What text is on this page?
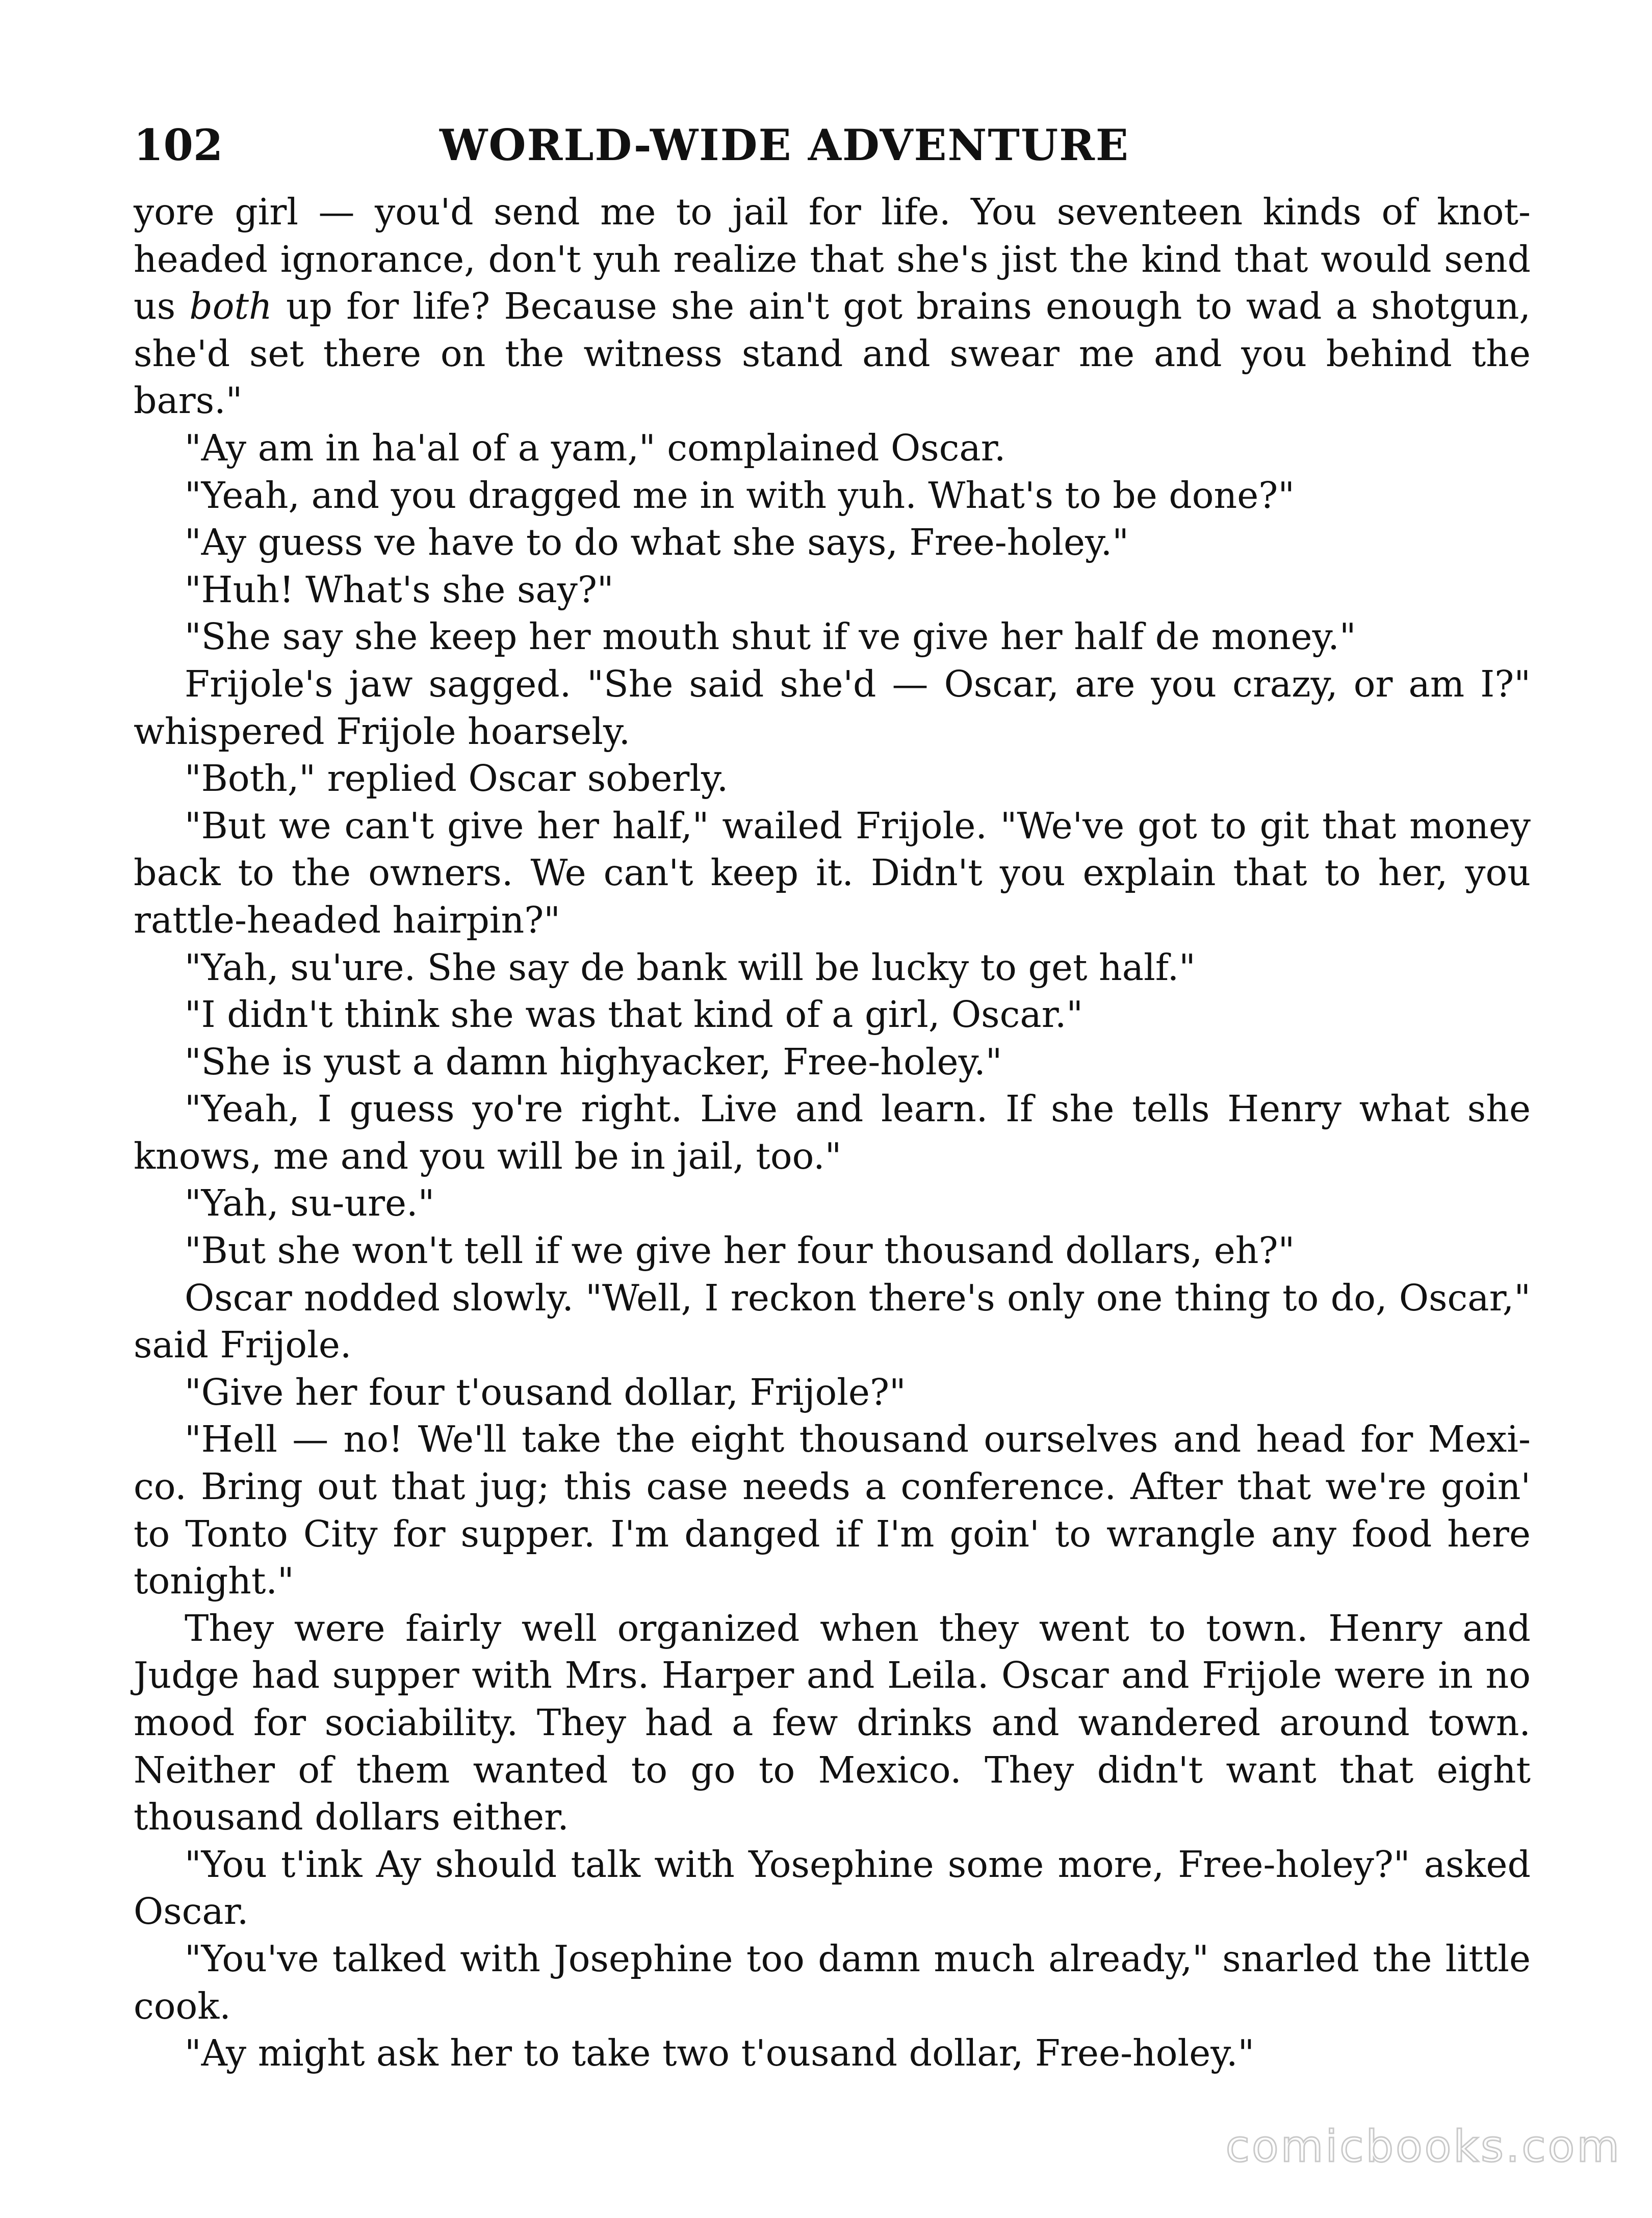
102	WORLD-WIDE ADVENTURE

yore girl — you'd send me to jail for life. You seventeen kinds of knot-headed ignorance, don't yuh realize that she's jist the kind that would send us both up for life? Because she ain't got brains enough to wad a shotgun, she'd set there on the witness stand and swear me and you behind the bars."

"Ay am in ha'al of a yam," complained Oscar.

"Yeah, and you dragged me in with yuh. What's to be done?"

"Ay guess ve have to do what she says, Free-holey."

"Huh! What's she say?"

"She say she keep her mouth shut if ve give her half de money."

Frijole's jaw sagged. "She said she'd — Oscar, are you crazy, or am I?" whispered Frijole hoarsely.

"Both," replied Oscar soberly.

"But we can't give her half," wailed Frijole. "We've got to git that money back to the owners. We can't keep it. Didn't you explain that to her, you rattle-headed hairpin?"

"Yah, su'ure. She say de bank will be lucky to get half."

"I didn't think she was that kind of a girl, Oscar."

"She is yust a damn highyacker, Free-holey."

"Yeah, I guess yo're right. Live and learn. If she tells Henry what she knows, me and you will be in jail, too."

"Yah, su-ure."

"But she won't tell if we give her four thousand dollars, eh?"

Oscar nodded slowly. "Well, I reckon there's only one thing to do, Oscar," said Frijole.

"Give her four t'ousand dollar, Frijole?"

"Hell — no! We'll take the eight thousand ourselves and head for Mexi-co. Bring out that jug; this case needs a conference. After that we're goin' to Tonto City for supper. I'm danged if I'm goin' to wrangle any food here tonight."

They were fairly well organized when they went to town. Henry and Judge had supper with Mrs. Harper and Leila. Oscar and Frijole were in no mood for sociability. They had a few drinks and wandered around town. Neither of them wanted to go to Mexico. They didn't want that eight thousand dollars either.

"You t'ink Ay should talk with Yosephine some more, Free-holey?" asked Oscar.

"You've talked with Josephine too damn much already," snarled the little cook.

"Ay might ask her to take two t'ousand dollar, Free-holey."

comicbooks.com
